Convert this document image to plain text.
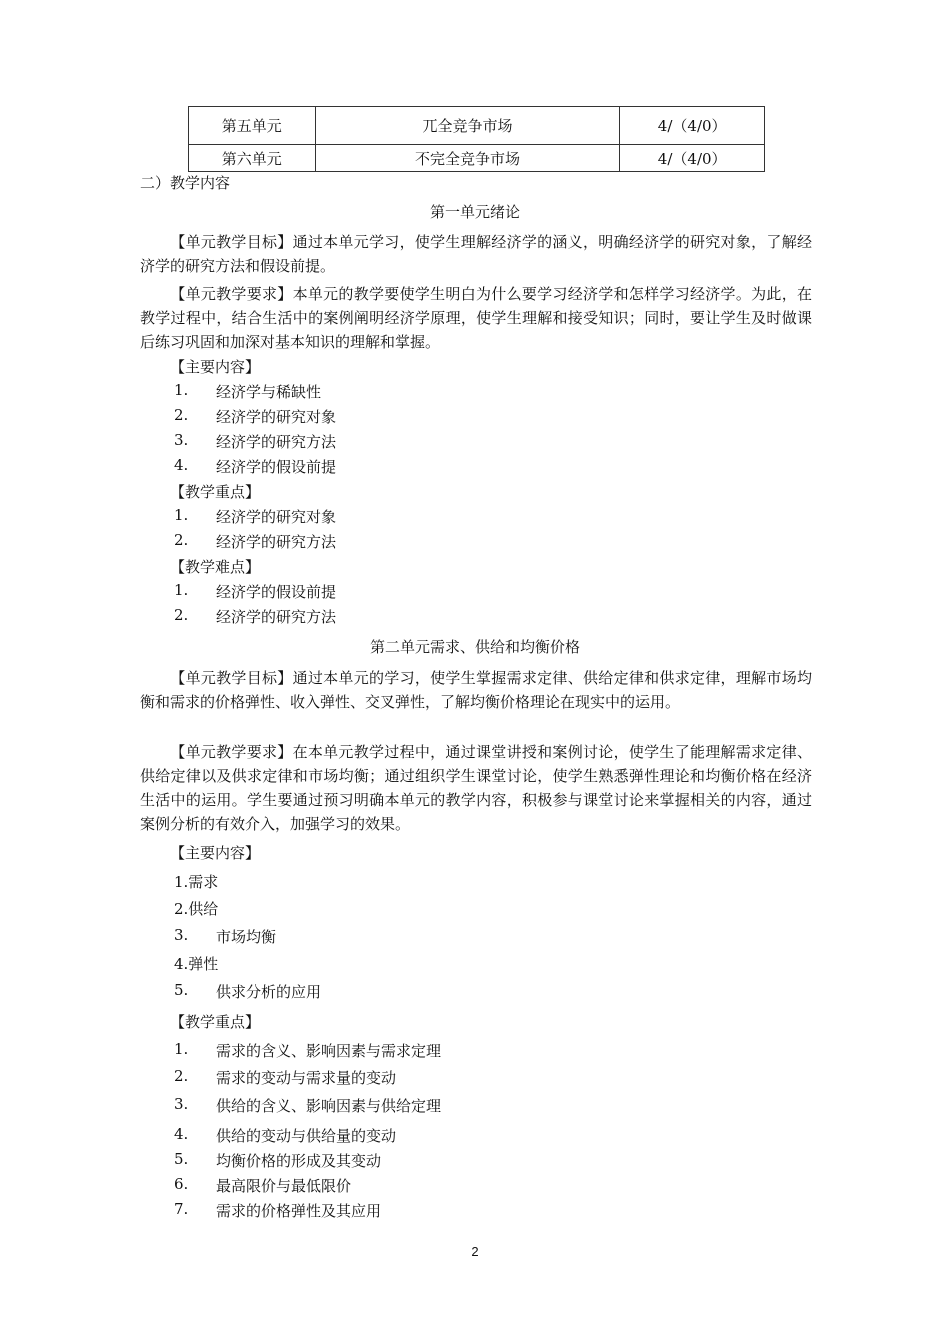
第五单元	兀全竞争市场	4/（4/0）
第六单元	不完全竞争市场	4/（4/0）
二）教学内容
第一单元绪论
【单元教学目标】通过本单元学习，使学生理解经济学的涵义，明确经济学的研究对象，了解经济学的研究方法和假设前提。
【单元教学要求】本单元的教学要使学生明白为什么要学习经济学和怎样学习经济学。为此，在教学过程中，结合生活中的案例阐明经济学原理，使学生理解和接受知识；同时，要让学生及时做课后练习巩固和加深对基本知识的理解和掌握。
【主要内容】
1. 经济学与稀缺性
2. 经济学的研究对象
3. 经济学的研究方法
4. 经济学的假设前提
【教学重点】
1. 经济学的研究对象
2. 经济学的研究方法
【教学难点】
1. 经济学的假设前提
2. 经济学的研究方法
第二单元需求、供给和均衡价格
【单元教学目标】通过本单元的学习，使学生掌握需求定律、供给定律和供求定律，理解市场均衡和需求的价格弹性、收入弹性、交叉弹性，了解均衡价格理论在现实中的运用。
【单元教学要求】在本单元教学过程中，通过课堂讲授和案例讨论，使学生了能理解需求定律、供给定律以及供求定律和市场均衡；通过组织学生课堂讨论，使学生熟悉弹性理论和均衡价格在经济生活中的运用。学生要通过预习明确本单元的教学内容，积极参与课堂讨论来掌握相关的内容，通过案例分析的有效介入，加强学习的效果。
【主要内容】
1.需求
2.供给
3. 市场均衡
4.弹性
5. 供求分析的应用
【教学重点】
1. 需求的含义、影响因素与需求定理
2. 需求的变动与需求量的变动
3. 供给的含义、影响因素与供给定理
4. 供给的变动与供给量的变动
5. 均衡价格的形成及其变动
6. 最高限价与最低限价
7. 需求的价格弹性及其应用
2
